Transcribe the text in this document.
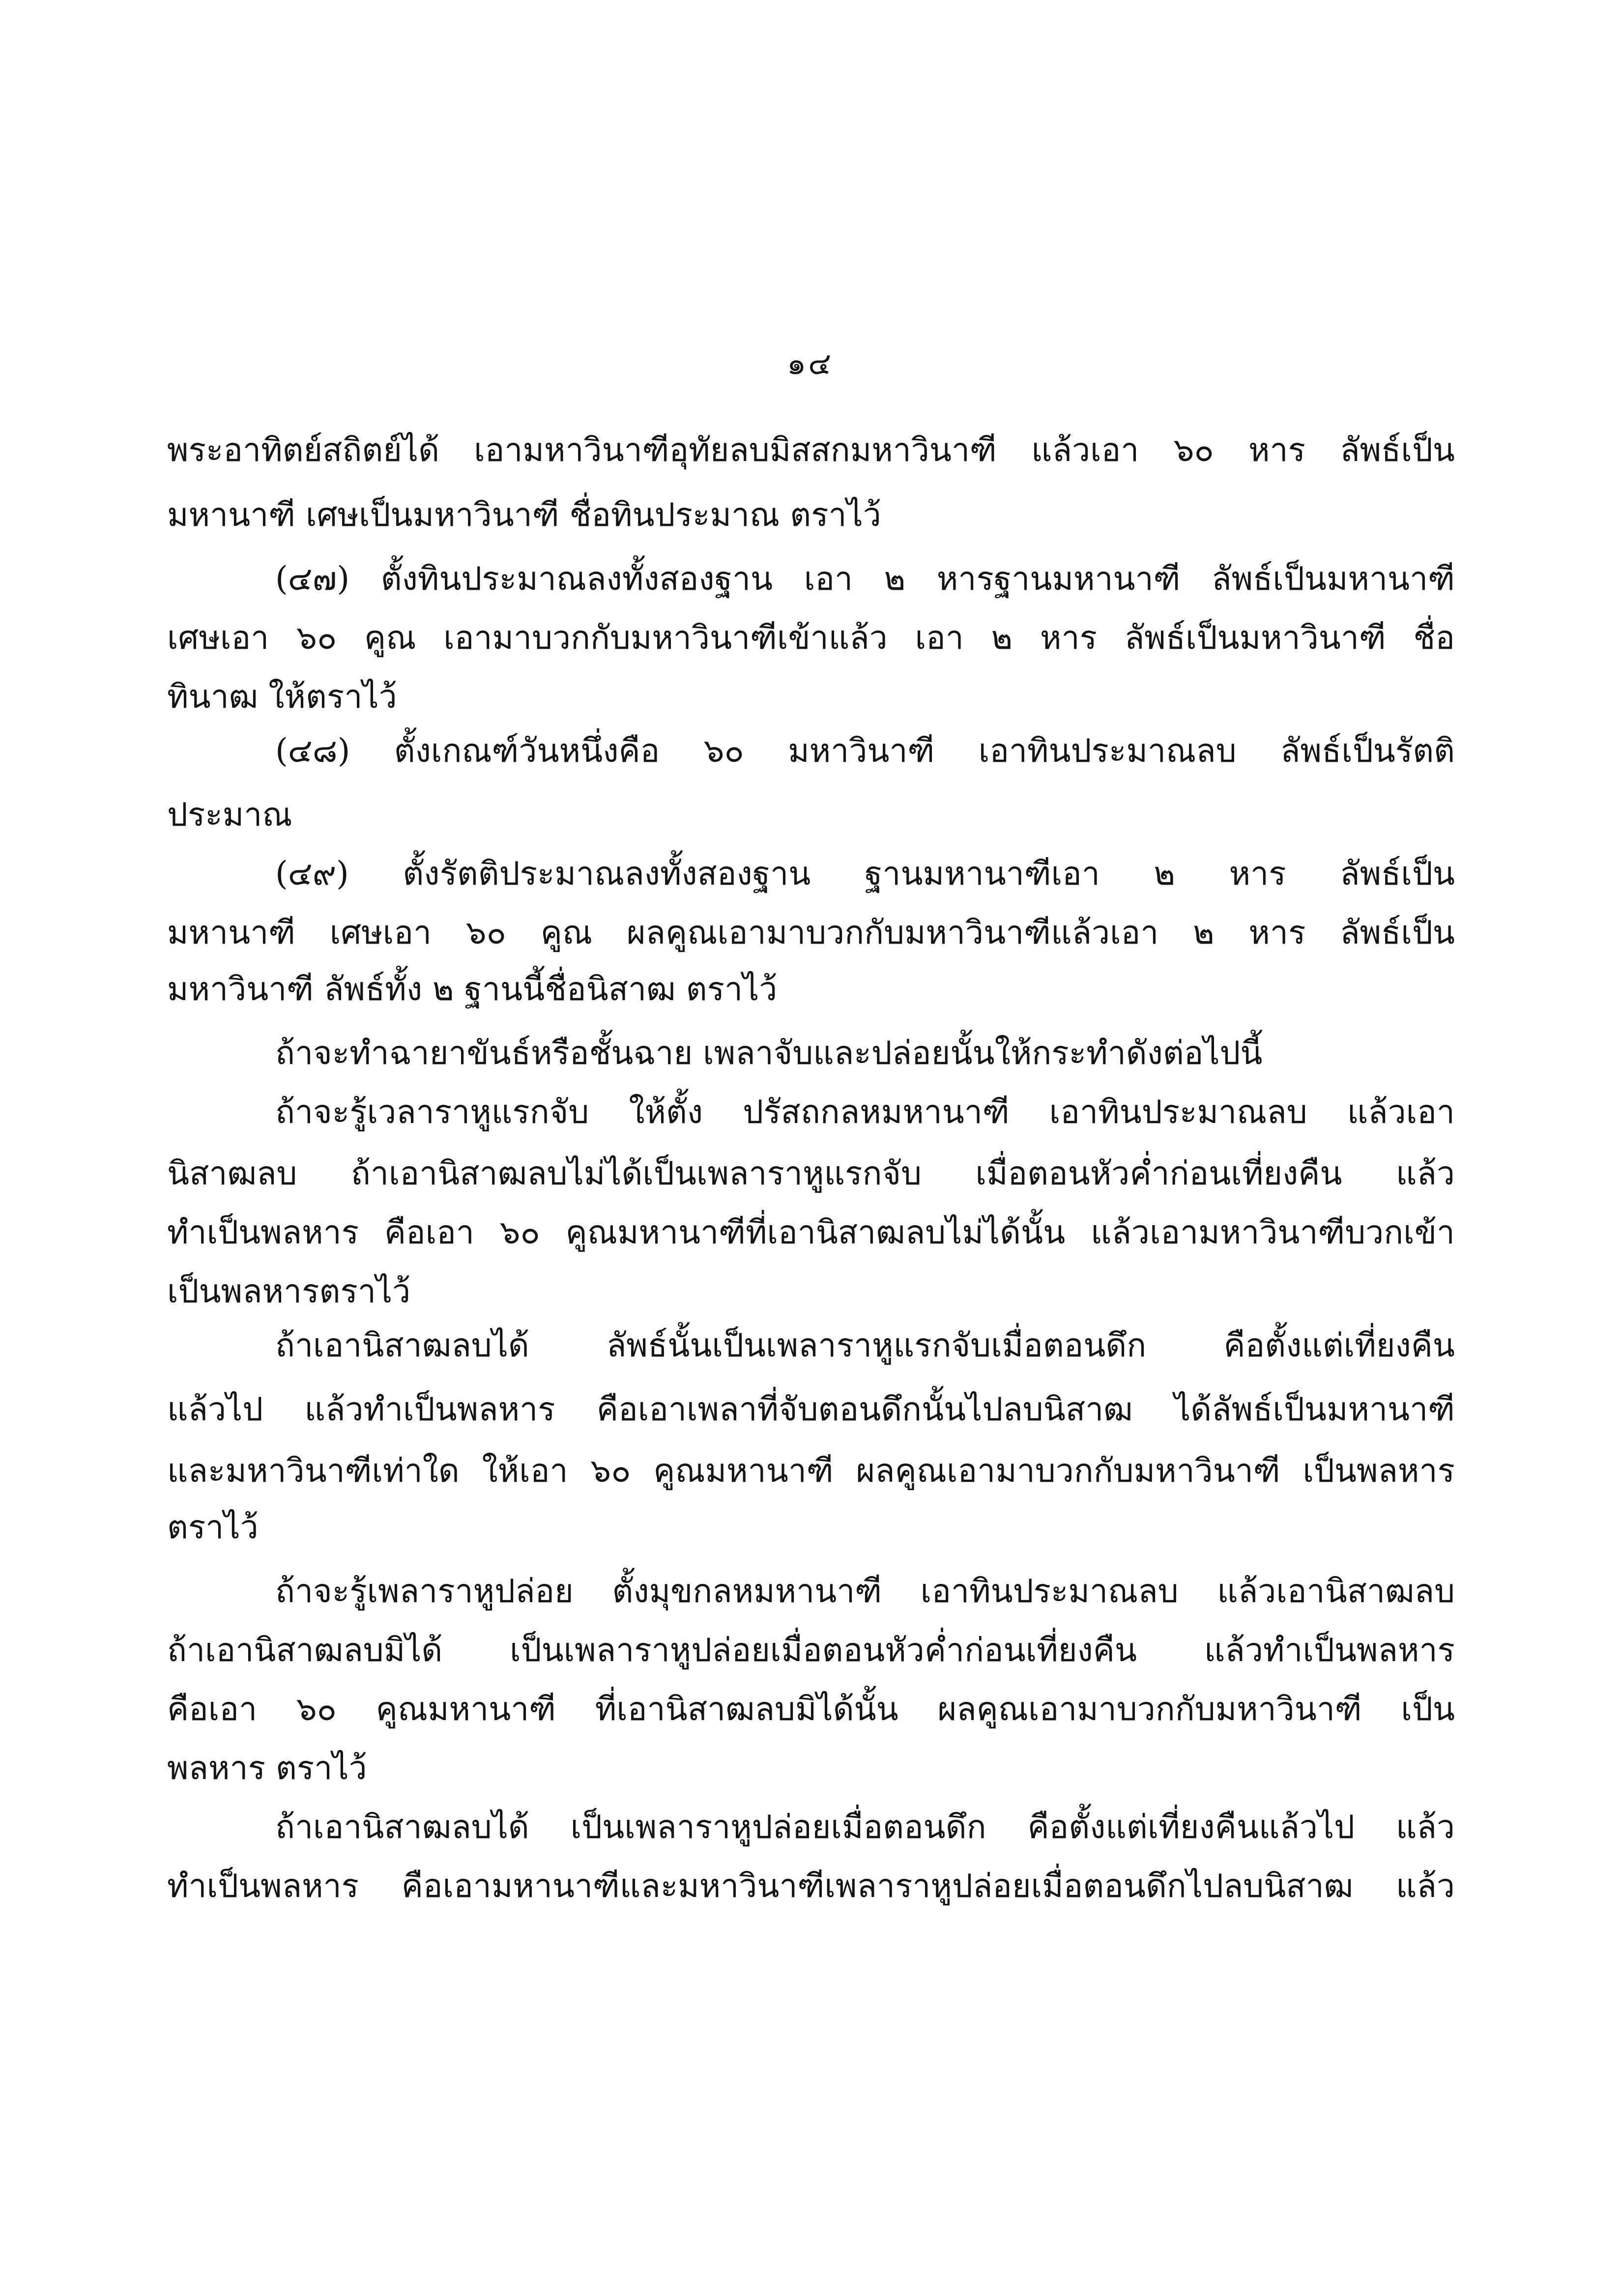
๑๔
พระอาทิตย์สถิตย์ได้ เอามหาวินาฑีอุทัยลบมิสสกมหาวินาฑี แล้วเอา ๖๐ หาร ลัพธ์เป็น
มหานาฑี เศษเป็นมหาวินาฑี ชื่อทินประมาณ ตราไว้
(๔๗) ตั้งทินประมาณลงทั้งสองฐาน เอา ๒ หารฐานมหานาฑี ลัพธ์เป็นมหานาฑี
เศษเอา ๖๐ คูณ เอามาบวกกับมหาวินาฑีเข้าแล้ว เอา ๒ หาร ลัพธ์เป็นมหาวินาฑี ชื่อ
ทินาฒ ให้ตราไว้
(๔๘) ตั้งเกณฑ์วันหนึ่งคือ ๖๐ มหาวินาฑี เอาทินประมาณลบ ลัพธ์เป็นรัตติ
ประมาณ
(๔๙) ตั้งรัตติประมาณลงทั้งสองฐาน ฐานมหานาฑีเอา ๒ หาร ลัพธ์เป็น
มหานาฑี เศษเอา ๖๐ คูณ ผลคูณเอามาบวกกับมหาวินาฑีแล้วเอา ๒ หาร ลัพธ์เป็น
มหาวินาฑี ลัพธ์ทั้ง ๒ ฐานนี้ชื่อนิสาฒ ตราไว้
ถ้าจะทำฉายาขันธ์หรือชั้นฉาย เพลาจับและปล่อยนั้นให้กระทำดังต่อไปนี้
ถ้าจะรู้เวลาราหูแรกจับ ให้ตั้ง ปรัสถกลหมหานาฑี เอาทินประมาณลบ แล้วเอา
นิสาฒลบ ถ้าเอานิสาฒลบไม่ได้เป็นเพลาราหูแรกจับ เมื่อตอนหัวค่ำก่อนเที่ยงคืน แล้ว
ทำเป็นพลหาร คือเอา ๖๐ คูณมหานาฑีที่เอานิสาฒลบไม่ได้นั้น แล้วเอามหาวินาฑีบวกเข้า
เป็นพลหารตราไว้
ถ้าเอานิสาฒลบได้ ลัพธ์นั้นเป็นเพลาราหูแรกจับเมื่อตอนดึก คือตั้งแต่เที่ยงคืน
แล้วไป แล้วทำเป็นพลหาร คือเอาเพลาที่จับตอนดึกนั้นไปลบนิสาฒ ได้ลัพธ์เป็นมหานาฑี
และมหาวินาฑีเท่าใด ให้เอา ๖๐ คูณมหานาฑี ผลคูณเอามาบวกกับมหาวินาฑี เป็นพลหาร
ตราไว้
ถ้าจะรู้เพลาราหูปล่อย ตั้งมุขกลหมหานาฑี เอาทินประมาณลบ แล้วเอานิสาฒลบ
ถ้าเอานิสาฒลบมิได้ เป็นเพลาราหูปล่อยเมื่อตอนหัวค่ำก่อนเที่ยงคืน แล้วทำเป็นพลหาร
คือเอา ๖๐ คูณมหานาฑี ที่เอานิสาฒลบมิได้นั้น ผลคูณเอามาบวกกับมหาวินาฑี เป็น
พลหาร ตราไว้
ถ้าเอานิสาฒลบได้ เป็นเพลาราหูปล่อยเมื่อตอนดึก คือตั้งแต่เที่ยงคืนแล้วไป แล้ว
ทำเป็นพลหาร คือเอามหานาฑีและมหาวินาฑีเพลาราหูปล่อยเมื่อตอนดึกไปลบนิสาฒ แล้ว
